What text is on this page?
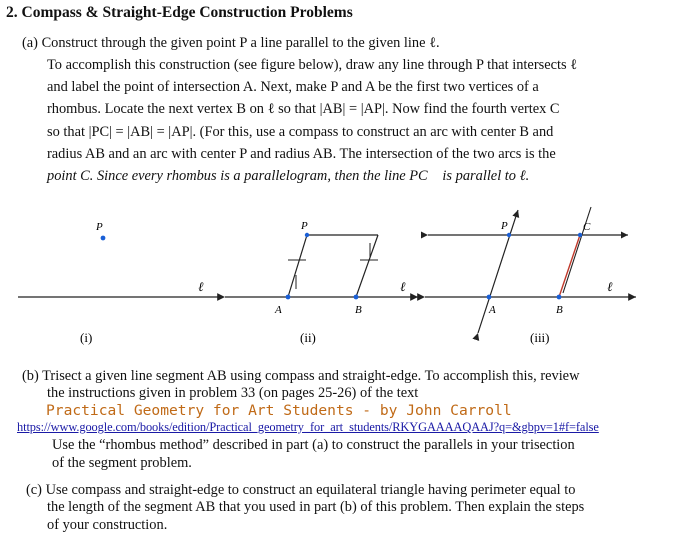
2. Compass & Straight-Edge Construction Problems
(a) Construct through the given point P a line parallel to the given line ℓ.
To accomplish this construction (see figure below), draw any line through P that intersects ℓ
and label the point of intersection A. Next, make P and A be the first two vertices of a
rhombus. Locate the next vertex B on ℓ so that |AB| = |AP|. Now find the fourth vertex C
so that |PC| = |AB| = |AP|. (For this, use a compass to construct an arc with center B and
radius AB and an arc with center P and radius AB. The intersection of the two arcs is the
point C. Since every rhombus is a parallelogram, then the line PC⃡ is parallel to ℓ.
P
ℓ
(i)
P
A	B
ℓ
(ii)
P	C
A	B
ℓ
(iii)
(b) Trisect a given line segment AB using compass and straight-edge. To accomplish this, review
the instructions given in problem 33 (on pages 25-26) of the text
Practical Geometry for Art Students - by John Carroll
https://www.google.com/books/edition/Practical_geometry_for_art_students/RKYGAAAAQAAJ?q=&gbpv=1#f=false
Use the “rhombus method” described in part (a) to construct the parallels in your trisection
of the segment problem.
(c) Use compass and straight-edge to construct an equilateral triangle having perimeter equal to
the length of the segment AB that you used in part (b) of this problem. Then explain the steps
of your construction.
